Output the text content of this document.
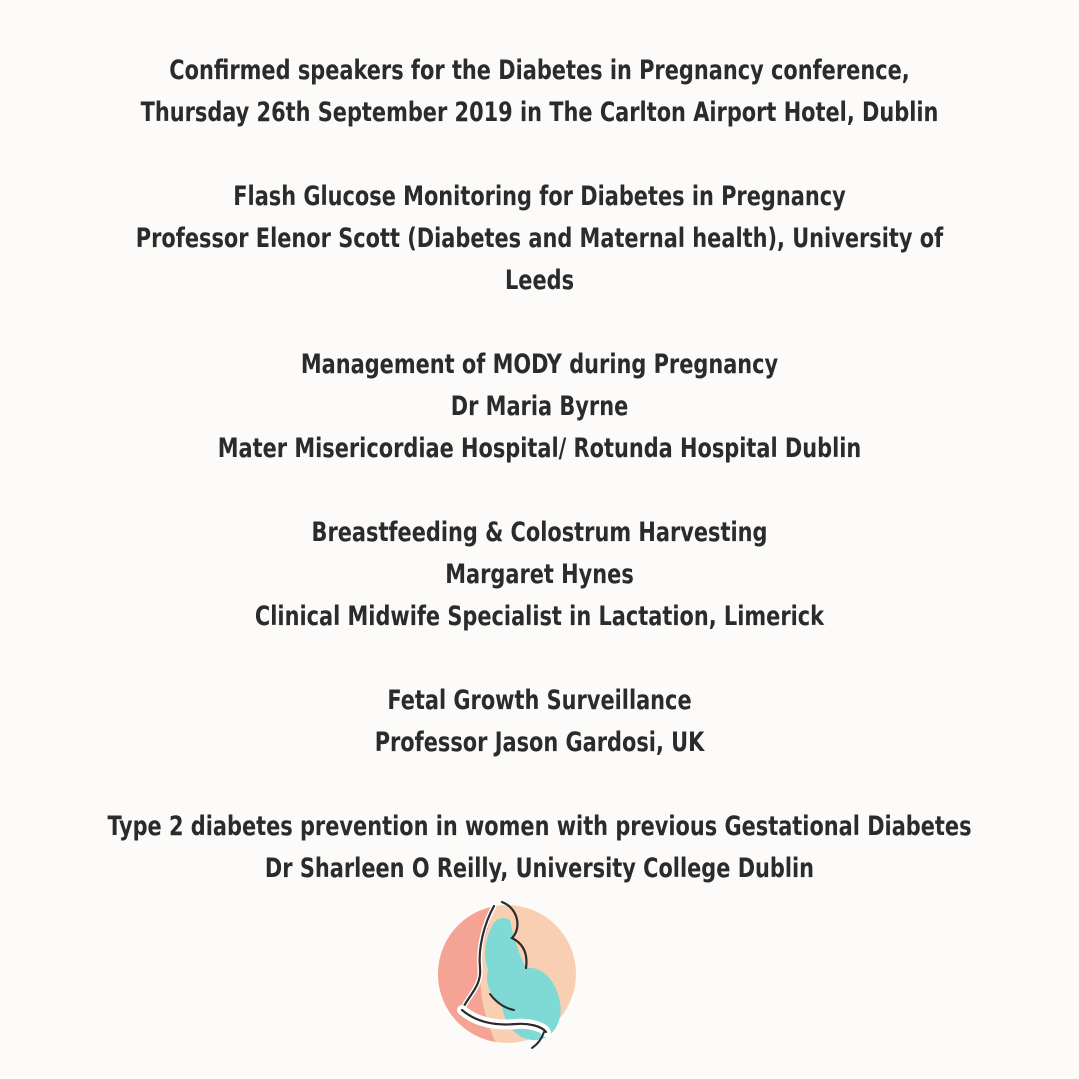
Confirmed speakers for the Diabetes in Pregnancy conference,
Thursday 26th September 2019 in The Carlton Airport Hotel, Dublin
Flash Glucose Monitoring for Diabetes in Pregnancy
Professor Elenor Scott (Diabetes and Maternal health), University of
Leeds
Management of MODY during Pregnancy
Dr Maria Byrne
Mater Misericordiae Hospital/ Rotunda Hospital Dublin
Breastfeeding & Colostrum Harvesting
Margaret Hynes
Clinical Midwife Specialist in Lactation, Limerick
Fetal Growth Surveillance
Professor Jason Gardosi, UK
Type 2 diabetes prevention in women with previous Gestational Diabetes
Dr Sharleen O Reilly, University College Dublin
